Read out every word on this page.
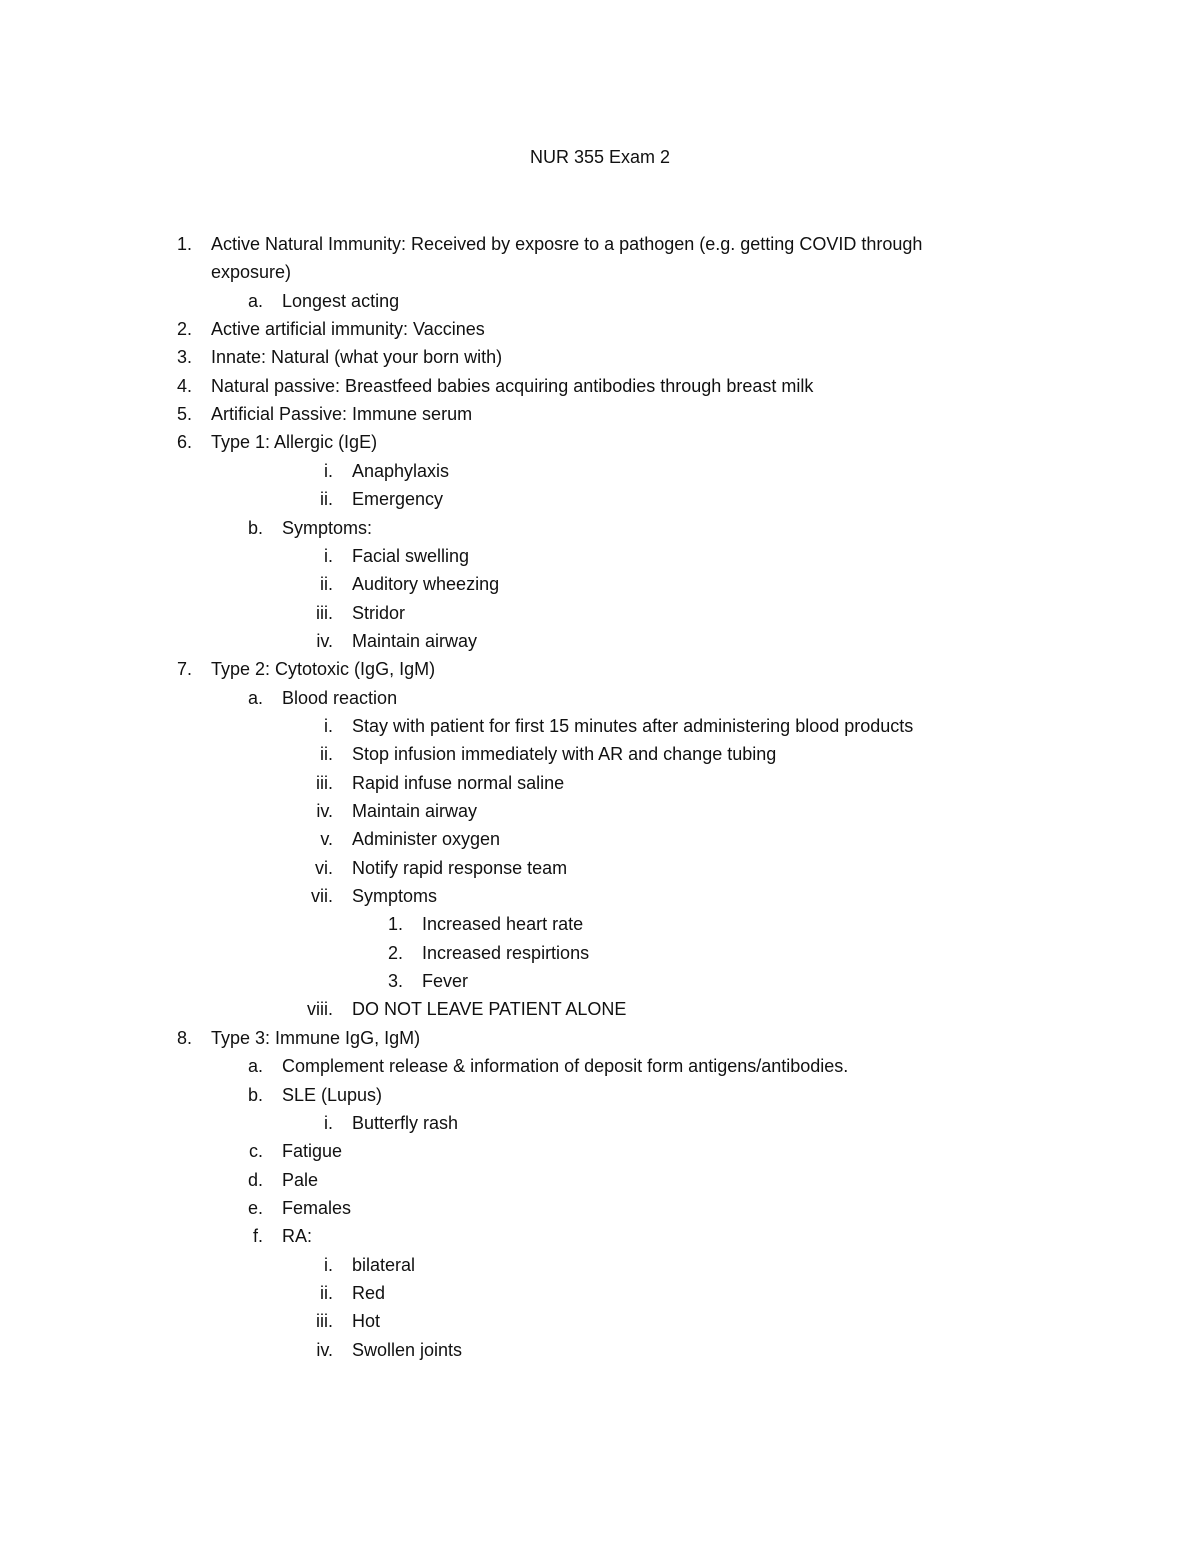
NUR 355 Exam 2
1. Active Natural Immunity: Received by exposre to a pathogen (e.g. getting COVID through
exposure)
a. Longest acting
2. Active artificial immunity: Vaccines
3. Innate: Natural (what your born with)
4. Natural passive: Breastfeed babies acquiring antibodies through breast milk
5. Artificial Passive: Immune serum
6. Type 1: Allergic (IgE)
i. Anaphylaxis
ii. Emergency
b. Symptoms:
i. Facial swelling
ii. Auditory wheezing
iii. Stridor
iv. Maintain airway
7. Type 2: Cytotoxic (IgG, IgM)
a. Blood reaction
i. Stay with patient for first 15 minutes after administering blood products
ii. Stop infusion immediately with AR and change tubing
iii. Rapid infuse normal saline
iv. Maintain airway
v. Administer oxygen
vi. Notify rapid response team
vii. Symptoms
1. Increased heart rate
2. Increased respirtions
3. Fever
viii. DO NOT LEAVE PATIENT ALONE
8. Type 3: Immune IgG, IgM)
a. Complement release & information of deposit form antigens/antibodies.
b. SLE (Lupus)
i. Butterfly rash
c. Fatigue
d. Pale
e. Females
f. RA:
i. bilateral
ii. Red
iii. Hot
iv. Swollen joints
